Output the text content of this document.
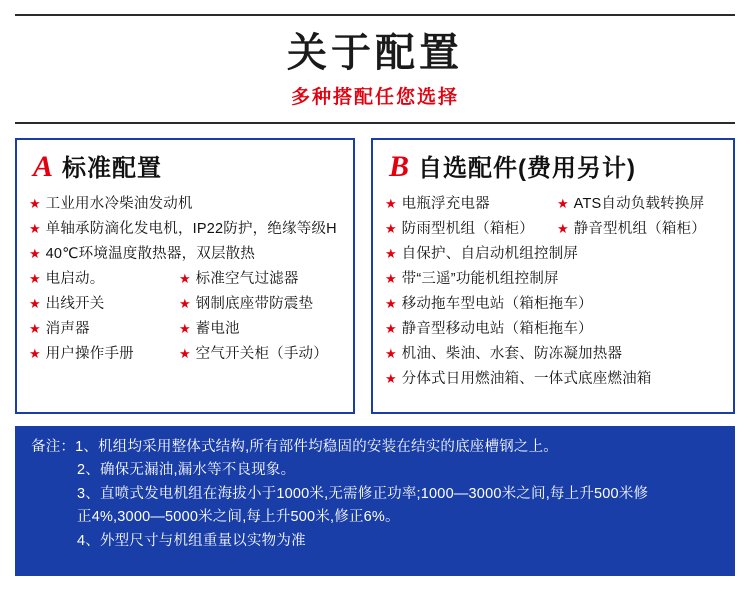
关于配置
多种搭配任您选择
A 标准配置
★ 工业用水冷柴油发动机
★ 单轴承防滴化发电机，IP22防护，绝缘等级H
★ 40℃环境温度散热器，双层散热
★ 电启动。	★ 标准空气过滤器
★ 出线开关	★ 钢制底座带防震垫
★ 消声器	★ 蓄电池
★ 用户操作手册	★ 空气开关柜（手动）
B 自选配件(费用另计)
★ 电瓶浮充电器	★ ATS自动负载转换屏
★ 防雨型机组（箱柜） ★ 静音型机组（箱柜）
★ 自保护、自启动机组控制屏
★ 带“三遥”功能机组控制屏
★ 移动拖车型电站（箱柜拖车）
★ 静音型移动电站（箱柜拖车）
★ 机油、柴油、水套、防冻凝加热器
★ 分体式日用燃油箱、一体式底座燃油箱
备注：1、 机组均采用整体式结构,所有部件均稳固的安装在结实的底座槽钢之上。
2、 确保无漏油,漏水等不良现象。
3、 直喷式发电机组在海拔小于1000米,无需修正功率;1000—3000米之间,每上升500米修
正4%,3000—5000米之间,每上升500米,修正6%。
4、 外型尺寸与机组重量以实物为准
